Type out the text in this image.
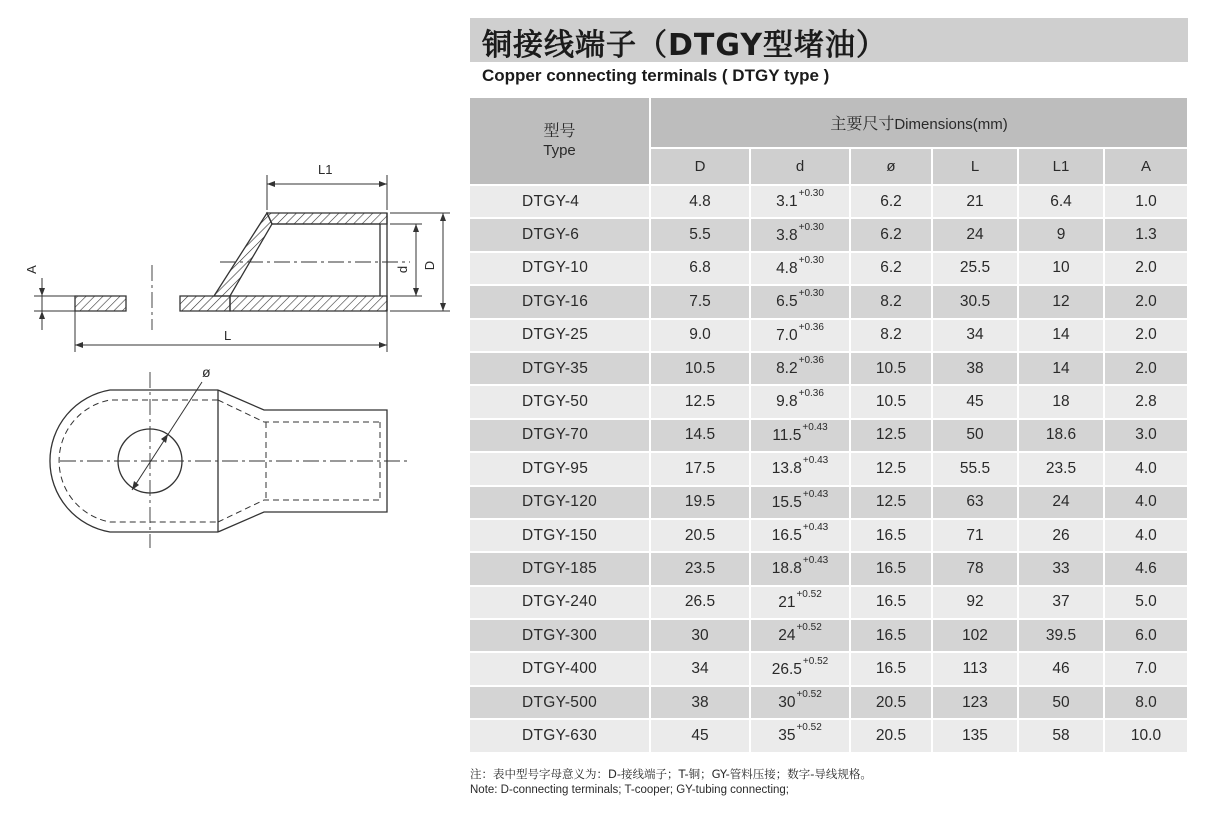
L1
L
A	d D
ø
铜接线端子（DTGY型堵油）
Copper connecting terminals ( DTGY type )
型号
Type	主要尺寸Dimensions(mm)					
	D	d	ø	L	L1	A
DTGY-4	4.8	$3.1^{+0.30}$	6.2	21	6.4	1.0
DTGY-6	5.5	$3.8^{+0.30}$	6.2	24	9	1.3
DTGY-10	6.8	$4.8^{+0.30}$	6.2	25.5	10	2.0
DTGY-16	7.5	$6.5^{+0.30}$	8.2	30.5	12	2.0
DTGY-25	9.0	$7.0^{+0.36}$	8.2	34	14	2.0
DTGY-35	10.5	$8.2^{+0.36}$	10.5	38	14	2.0
DTGY-50	12.5	$9.8^{+0.36}$	10.5	45	18	2.8
DTGY-70	14.5	$11.5^{+0.43}$	12.5	50	18.6	3.0
DTGY-95	17.5	$13.8^{+0.43}$	12.5	55.5	23.5	4.0
DTGY-120	19.5	$15.5^{+0.43}$	12.5	63	24	4.0
DTGY-150	20.5	$16.5^{+0.43}$	16.5	71	26	4.0
DTGY-185	23.5	$18.8^{+0.43}$	16.5	78	33	4.6
DTGY-240	26.5	$21^{+0.52}$	16.5	92	37	5.0
DTGY-300	30	$24^{+0.52}$	16.5	102	39.5	6.0
DTGY-400	34	$26.5^{+0.52}$	16.5	113	46	7.0
DTGY-500	38	$30^{+0.52}$	20.5	123	50	8.0
DTGY-630	45	$35^{+0.52}$	20.5	135	58	10.0
注：表中型号字母意义为：D-接线端子；T-铜；GY-管料压接；数字-导线规格。
Note: D-connecting terminals; T-cooper; GY-tubing connecting;
